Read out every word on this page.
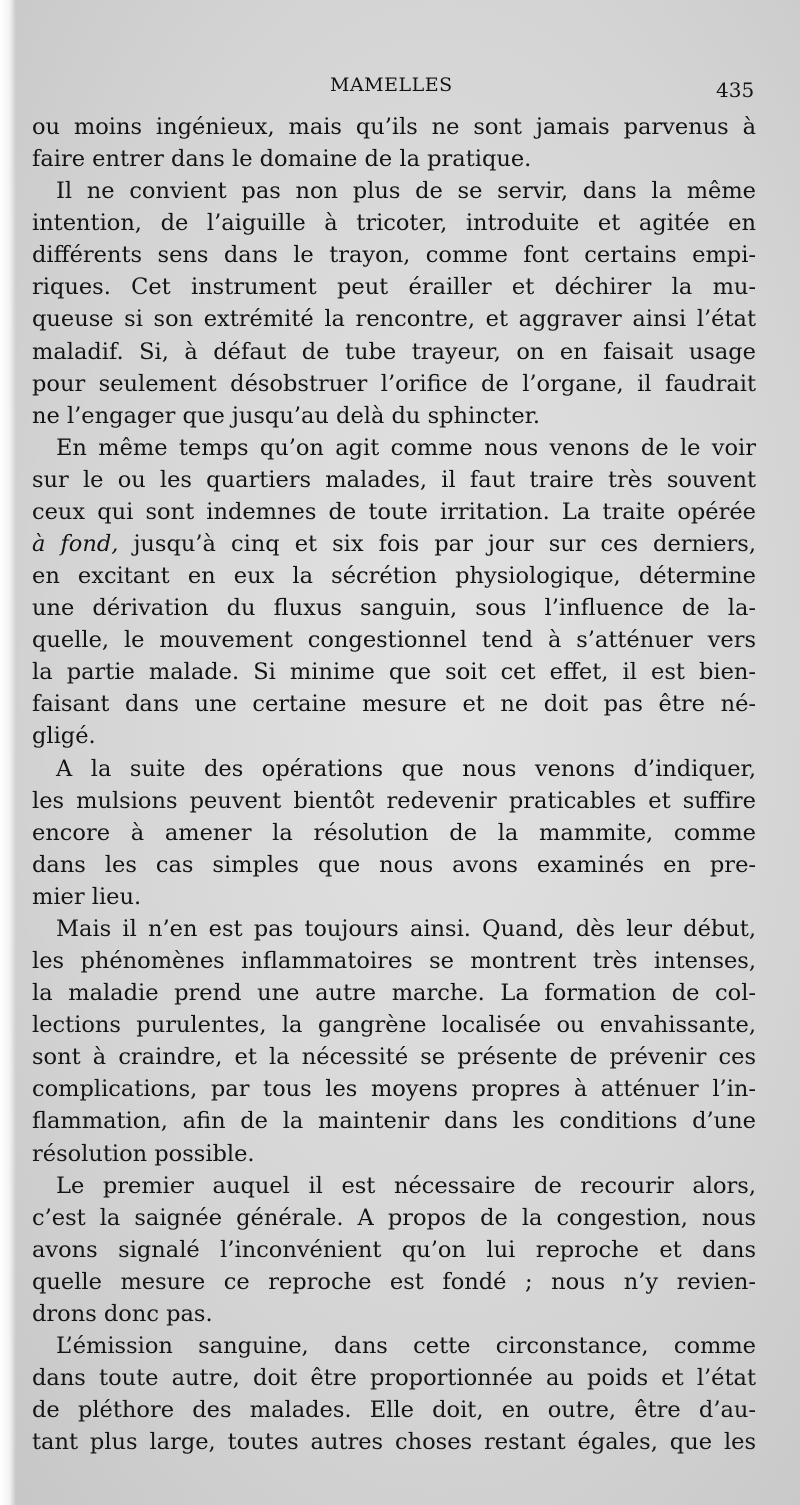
MAMELLES	435
ou moins ingénieux, mais qu’ils ne sont jamais parvenus à
faire entrer dans le domaine de la pratique.
Il ne convient pas non plus de se servir, dans la même
intention, de l’aiguille à tricoter, introduite et agitée en
différents sens dans le trayon, comme font certains empi-
riques. Cet instrument peut érailler et déchirer la mu-
queuse si son extrémité la rencontre, et aggraver ainsi l’état
maladif. Si, à défaut de tube trayeur, on en faisait usage
pour seulement désobstruer l’orifice de l’organe, il faudrait
ne l’engager que jusqu’au delà du sphincter.
En même temps qu’on agit comme nous venons de le voir
sur le ou les quartiers malades, il faut traire très souvent
ceux qui sont indemnes de toute irritation. La traite opérée
à fond, jusqu’à cinq et six fois par jour sur ces derniers,
en excitant en eux la sécrétion physiologique, détermine
une dérivation du fluxus sanguin, sous l’influence de la-
quelle, le mouvement congestionnel tend à s’atténuer vers
la partie malade. Si minime que soit cet effet, il est bien-
faisant dans une certaine mesure et ne doit pas être né-
gligé.
A la suite des opérations que nous venons d’indiquer,
les mulsions peuvent bientôt redevenir praticables et suffire
encore à amener la résolution de la mammite, comme
dans les cas simples que nous avons examinés en pre-
mier lieu.
Mais il n’en est pas toujours ainsi. Quand, dès leur début,
les phénomènes inflammatoires se montrent très intenses,
la maladie prend une autre marche. La formation de col-
lections purulentes, la gangrène localisée ou envahissante,
sont à craindre, et la nécessité se présente de prévenir ces
complications, par tous les moyens propres à atténuer l’in-
flammation, afin de la maintenir dans les conditions d’une
résolution possible.
Le premier auquel il est nécessaire de recourir alors,
c’est la saignée générale. A propos de la congestion, nous
avons signalé l’inconvénient qu’on lui reproche et dans
quelle mesure ce reproche est fondé ; nous n’y revien-
drons donc pas.
L’émission sanguine, dans cette circonstance, comme
dans toute autre, doit être proportionnée au poids et l’état
de pléthore des malades. Elle doit, en outre, être d’au-
tant plus large, toutes autres choses restant égales, que les
